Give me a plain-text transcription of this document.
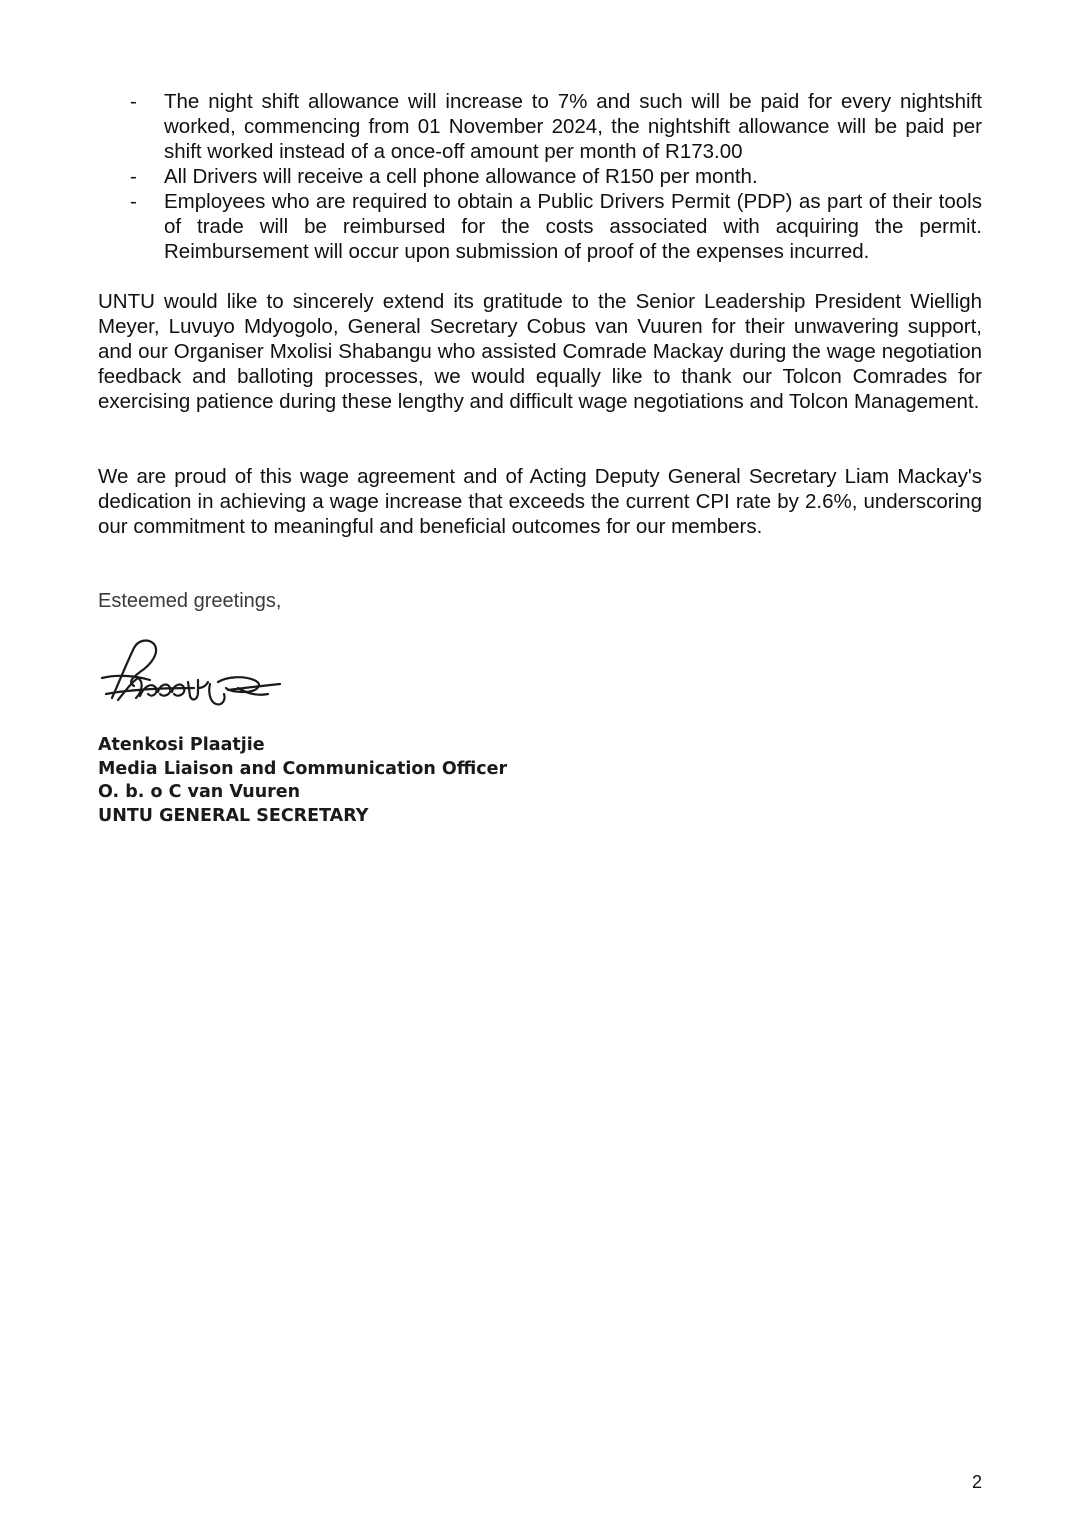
-	The night shift allowance will increase to 7% and such will be paid for every nightshift worked, commencing from 01 November 2024, the nightshift allowance will be paid per shift worked instead of a once-off amount per month of R173.00
-	All Drivers will receive a cell phone allowance of R150 per month.
-	Employees who are required to obtain a Public Drivers Permit (PDP) as part of their tools of trade will be reimbursed for the costs associated with acquiring the permit. Reimbursement will occur upon submission of proof of the expenses incurred.

UNTU would like to sincerely extend its gratitude to the Senior Leadership President Wielligh Meyer, Luvuyo Mdyogolo, General Secretary Cobus van Vuuren for their unwavering support, and our Organiser Mxolisi Shabangu who assisted Comrade Mackay during the wage negotiation feedback and balloting processes, we would equally like to thank our Tolcon Comrades for exercising patience during these lengthy and difficult wage negotiations and Tolcon Management.

We are proud of this wage agreement and of Acting Deputy General Secretary Liam Mackay's dedication in achieving a wage increase that exceeds the current CPI rate by 2.6%, underscoring our commitment to meaningful and beneficial outcomes for our members.

Esteemed greetings,

Atenkosi Plaatjie
Media Liaison and Communication Officer
O. b. o C van Vuuren
UNTU GENERAL SECRETARY
2
